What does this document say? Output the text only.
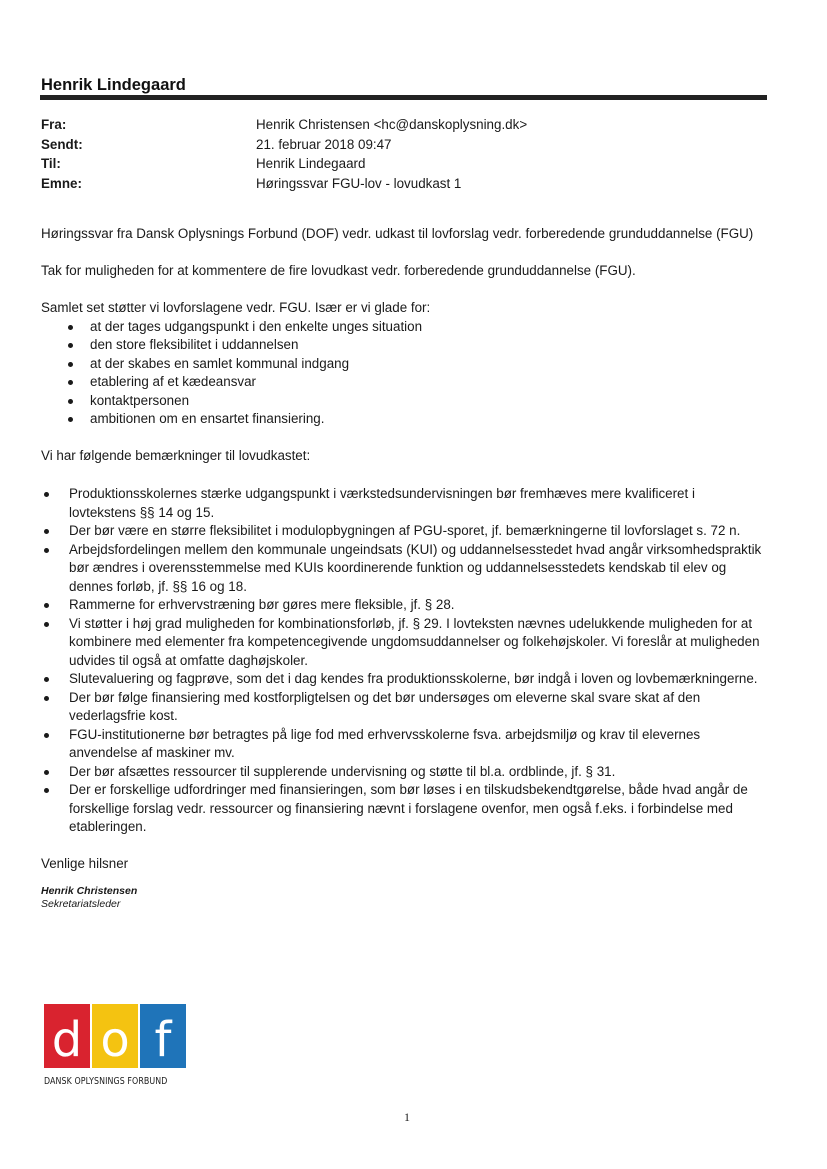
Henrik Lindegaard
Fra:	Henrik Christensen <hc@danskoplysning.dk>
Sendt:	21. februar 2018 09:47
Til:	Henrik Lindegaard
Emne:	Høringssvar FGU-lov - lovudkast 1

Høringssvar fra Dansk Oplysnings Forbund (DOF) vedr. udkast til lovforslag vedr. forberedende grunduddannelse (FGU)

Tak for muligheden for at kommentere de fire lovudkast vedr. forberedende grunduddannelse (FGU).

Samlet set støtter vi lovforslagene vedr. FGU. Især er vi glade for:

at der tages udgangspunkt i den enkelte unges situation
den store fleksibilitet i uddannelsen
at der skabes en samlet kommunal indgang
etablering af et kædeansvar
kontaktpersonen
ambitionen om en ensartet finansiering.

Vi har følgende bemærkninger til lovudkastet:

Produktionsskolernes stærke udgangspunkt i værkstedsundervisningen bør fremhæves mere kvalificeret i lovtekstens §§ 14 og 15.
Der bør være en større fleksibilitet i modulopbygningen af PGU-sporet, jf. bemærkningerne til lovforslaget s. 72 n.
Arbejdsfordelingen mellem den kommunale ungeindsats (KUI) og uddannelsesstedet hvad angår virksomhedspraktik bør ændres i overensstemmelse med KUIs koordinerende funktion og uddannelsesstedets kendskab til elev og dennes forløb, jf. §§ 16 og 18.
Rammerne for erhvervstræning bør gøres mere fleksible, jf. § 28.
Vi støtter i høj grad muligheden for kombinationsforløb, jf. § 29. I lovteksten nævnes udelukkende muligheden for at kombinere med elementer fra kompetencegivende ungdomsuddannelser og folkehøjskoler. Vi foreslår at muligheden udvides til også at omfatte daghøjskoler.
Slutevaluering og fagprøve, som det i dag kendes fra produktionsskolerne, bør indgå i loven og lovbemærkningerne.
Der bør følge finansiering med kostforpligtelsen og det bør undersøges om eleverne skal svare skat af den vederlagsfrie kost.
FGU-institutionerne bør betragtes på lige fod med erhvervsskolerne fsva. arbejdsmiljø og krav til elevernes anvendelse af maskiner mv.
Der bør afsættes ressourcer til supplerende undervisning og støtte til bl.a. ordblinde, jf. § 31.
Der er forskellige udfordringer med finansieringen, som bør løses i en tilskudsbekendtgørelse, både hvad angår de forskellige forslag vedr. ressourcer og finansiering nævnt i forslagene ovenfor, men også f.eks. i forbindelse med etableringen.

Venlige hilsner

Henrik Christensen
Sekretariatsleder
d o f
DANSK OPLYSNINGS FORBUND
1
